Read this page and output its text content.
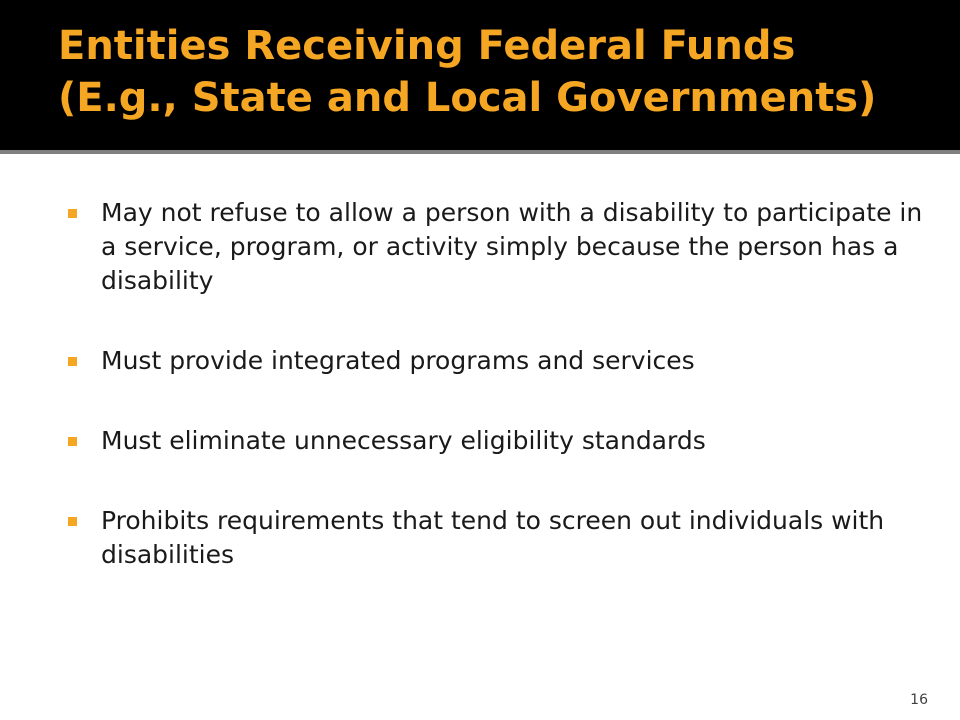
Entities Receiving Federal Funds
(E.g., State and Local Governments)
May not refuse to allow a person with a disability to participate in a service, program, or activity simply because the person has a disability
Must provide integrated programs and services
Must eliminate unnecessary eligibility standards
Prohibits requirements that tend to screen out individuals with disabilities
16
